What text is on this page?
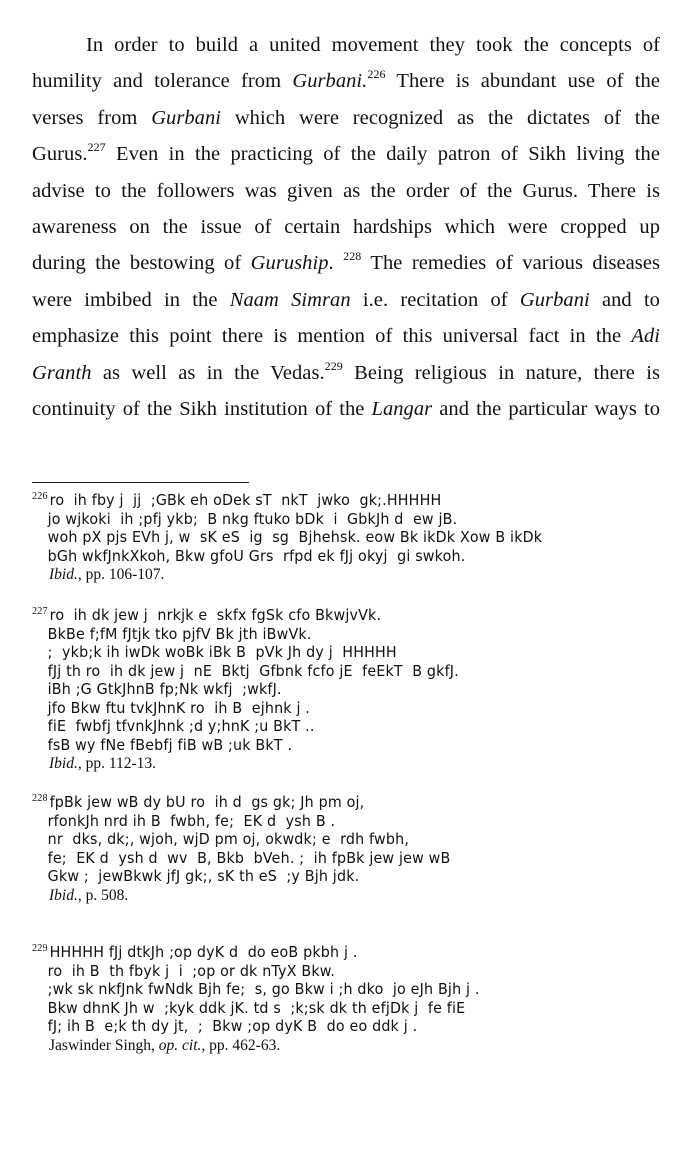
In order to build a united movement they took the concepts of
humility and tolerance from Gurbani.$^{226}$ There is abundant use of the
verses from Gurbani which were recognized as the dictates of the
Gurus.$^{227}$ Even in the practicing of the daily patron of Sikh living the
advise to the followers was given as the order of the Gurus. There is
awareness on the issue of certain hardships which were cropped up
during the bestowing of Guruship. $^{228}$ The remedies of various diseases
were imbibed in the Naam Simran i.e. recitation of Gurbani and to
emphasize this point there is mention of this universal fact in the Adi
Granth as well as in the Vedas.$^{229}$ Being religious in nature, there is
continuity of the Sikh institution of the Langar and the particular ways to
$^{226}$ ro  ih fby j  jj  ;GBk eh oDek sT  nkT  jwko  gk;.HHHHH
jo wjkoki  ih ;pfj ykb;  B nkg ftuko bDk  i  GbkJh d  ew jB.
woh pX pjs EVh j, w  sK eS  ig  sg  Bjhehsk. eow Bk ikDk Xow B ikDk
bGh wkfJnkXkoh, Bkw gfoU Grs  rfpd ek fJj okyj  gi swkoh.
Ibid., pp. 106-107.
$^{227}$ ro  ih dk jew j  nrkjk e  skfx fgSk cfo BkwjvVk.
BkBe f;fM fJtjk tko pjfV Bk jth iBwVk.
;  ykb;k ih iwDk woBk iBk B  pVk Jh dy j  HHHHH
fJj th ro  ih dk jew j  nE  Bktj  Gfbnk fcfo jE  feEkT  B gkfJ.
iBh ;G GtkJhnB fp;Nk wkfj  ;wkfJ.
jfo Bkw ftu tvkJhnK ro  ih B  ejhnk j .
fiE  fwbfj tfvnkJhnk ;d y;hnK ;u BkT ..
fsB wy fNe fBebfj fiB wB ;uk BkT .
Ibid., pp. 112-13.
$^{228}$ fpBk jew wB dy bU ro  ih d  gs gk; Jh pm oj,
rfonkJh nrd ih B  fwbh, fe;  EK d  ysh B .
nr  dks, dk;, wjoh, wjD pm oj, okwdk; e  rdh fwbh,
fe;  EK d  ysh d  wv  B, Bkb  bVeh. ;  ih fpBk jew jew wB
Gkw ;  jewBkwk jfJ gk;, sK th eS  ;y Bjh jdk.
Ibid., p. 508.
$^{229}$ HHHHH fJj dtkJh ;op dyK d  do eoB pkbh j .
ro  ih B  th fbyk j  i  ;op or dk nTyX Bkw.
;wk sk nkfJnk fwNdk Bjh fe;  s, go Bkw i ;h dko  jo eJh Bjh j .
Bkw dhnK Jh w  ;kyk ddk jK. td s  ;k;sk dk th efjDk j  fe fiE
fJ; ih B  e;k th dy jt,  ;  Bkw ;op dyK B  do eo ddk j .
Jaswinder Singh, op. cit., pp. 462-63.
